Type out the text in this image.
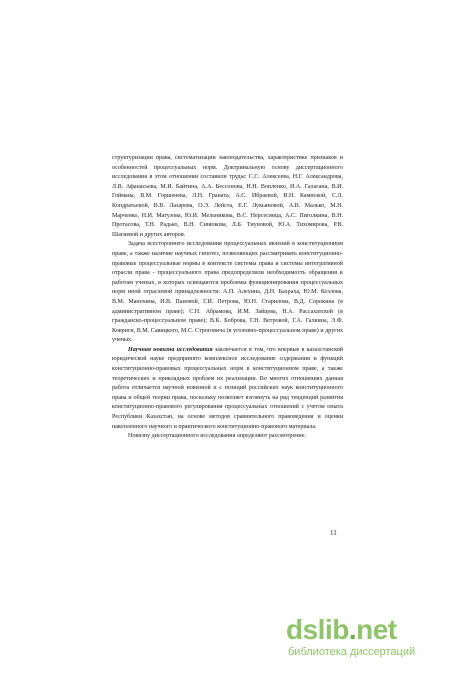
структуризации права, систематизации законодательства, характеристике признаков и особенностей процессуальных норм. Доктринальную основу диссертационного исследования в этом отношении составили труды: С.С. Алексеева, Н.Г. Александрова, Л.В. Афанасьева, М.И. Байтина, А.А. Бессонова, Н.Н. Вопленко, И.А. Галагана, В.И. Гоймана, В.М. Горшенева, Л.Н. Граната, А.С. Ибраевой, В.Н. Камнской, С.Л. Кондратьевой, В.В. Лазарева, О.Э. Лейста, Е.Г. Лукьяновой, А.В. Малько, М.Н. Марченко, Н.И. Матузова, Ю.И. Мельникова, В.С. Нерсесянца, А.С. Пиголкина, В.Н. Протасова, Т.Н. Радько, В.Н. Синюкова, Л.Б. Тиуновой, Ю.А. Тихомирова, Р.В. Шагиевой и других авторов.

Задача всестороннего исследования процессуальных явлений в конституционном праве, а также наличие научных гипотез, позволяющих рассматривать конституционно-правовые процессуальные нормы в контексте системы права и системы интегративной отрасли права - процессуального права предопределили необходимость обращения к работам ученых, в которых освещаются проблемы функционирования процессуальных норм иной отраслевой принадлежности: А.П. Алехина, Д.Н. Бахраха, Ю.М. Козлова, В.М. Манохина, И.В. Пановой, Г.И. Петрова, Ю.Н. Старилова, В.Д. Сорокина (в административном праве); С.Н. Абрамова, И.М. Зайцева, Н.А. Рассахатской (в гражданско-процессуальном праве); В.К. Боброва, Г.Н. Ветровой, Г.А. Галкина, Э.Ф. Ковриги, В.М. Савицкого, М.С. Строговича (в уголовно-процессуальном праве) и других ученых.

Научная новизна исследования заключается в том, что впервые в казахстанской юридической науке предпринято комплексное исследование содержания и функций конституционно-правовых процессуальных норм в конституционном праве, а также теоретических и прикладных проблем их реализации. Во многих отношениях данная работа отличается научной новизной и с позиций российских наук конституционного права и общей теории права, поскольку позволяет взглянуть на ряд тенденций развития конституционно-правового регулирования процессуальных отношений с учетом опыта Республики Казахстан, на основе методов сравнительного правоведения и оценки накопленного научного и практического конституционно-правового материала.

Новизну диссертационного исследования определяют рассмотрение:

11
dslib.net
библиотека диссертаций
